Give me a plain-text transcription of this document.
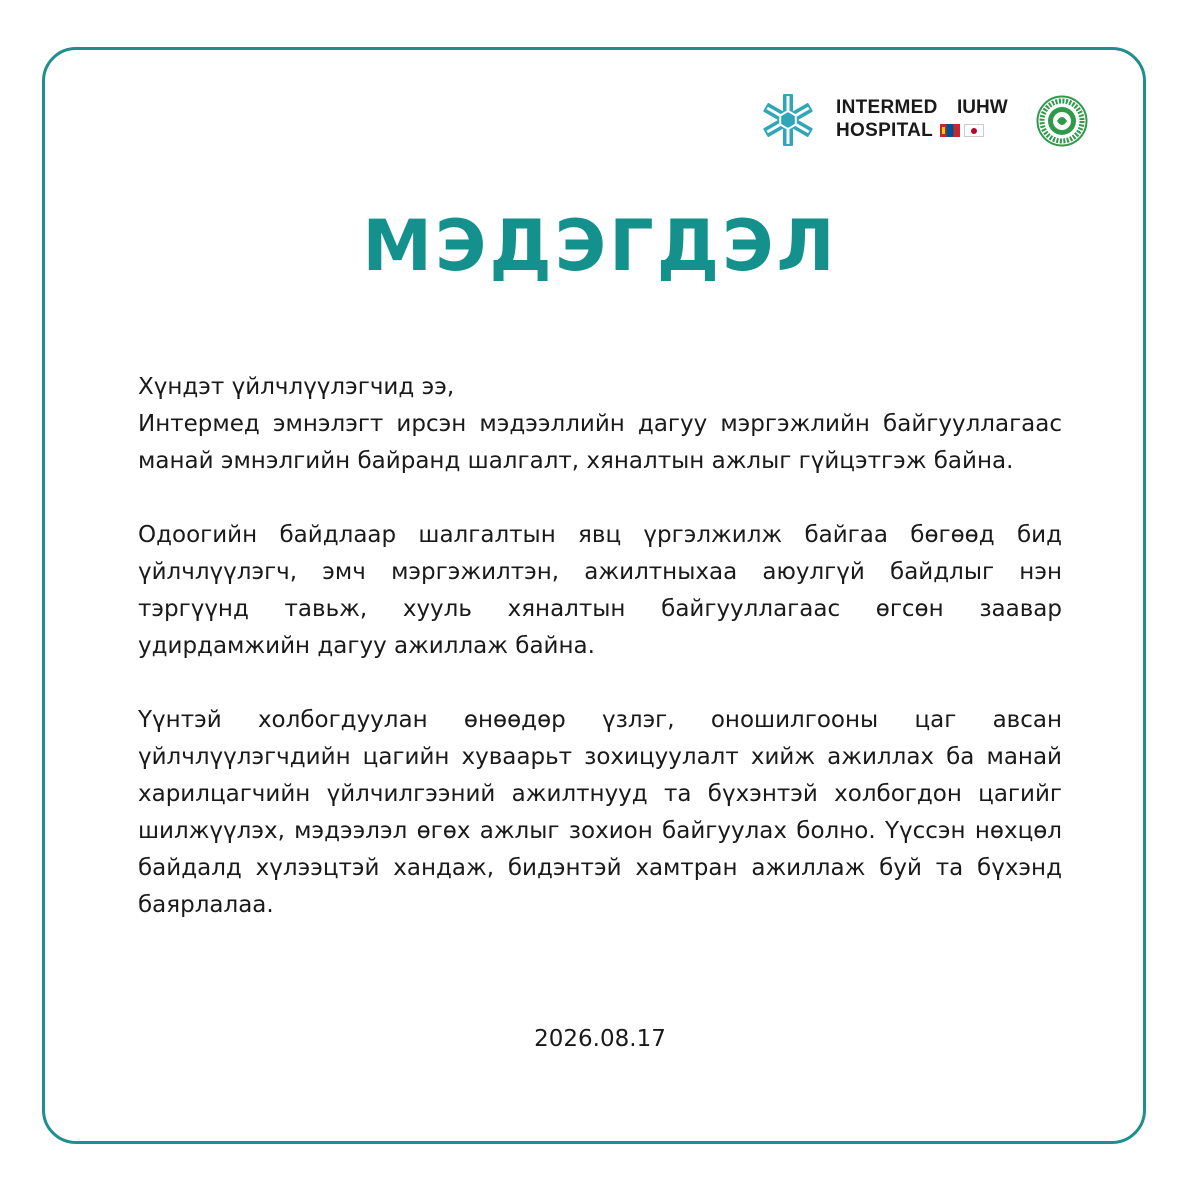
INTERMED
HOSPITAL
IUHW
МЭДЭГДЭЛ

Хүндэт үйлчлүүлэгчид ээ,

Интермед эмнэлэгт ирсэн мэдээллийн дагуу мэргэжлийн байгууллагаас манай эмнэлгийн байранд шалгалт, хяналтын ажлыг гүйцэтгэж байна.

Одоогийн байдлаар шалгалтын явц үргэлжилж байгаа бөгөөд бид үйлчлүүлэгч, эмч мэргэжилтэн, ажилтныхаа аюулгүй байдлыг нэн тэргүүнд тавьж, хууль хяналтын байгууллагаас өгсөн заавар удирдамжийн дагуу ажиллаж байна.

Үүнтэй холбогдуулан өнөөдөр үзлэг, оношилгооны цаг авсан үйлчлүүлэгчдийн цагийн хуваарьт зохицуулалт хийж ажиллах ба манай харилцагчийн үйлчилгээний ажилтнууд та бүхэнтэй холбогдон цагийг шилжүүлэх, мэдээлэл өгөх ажлыг зохион байгуулах болно. Үүссэн нөхцөл байдалд хүлээцтэй хандаж, бидэнтэй хамтран ажиллаж буй та бүхэнд баярлалаа.

2026.08.17
